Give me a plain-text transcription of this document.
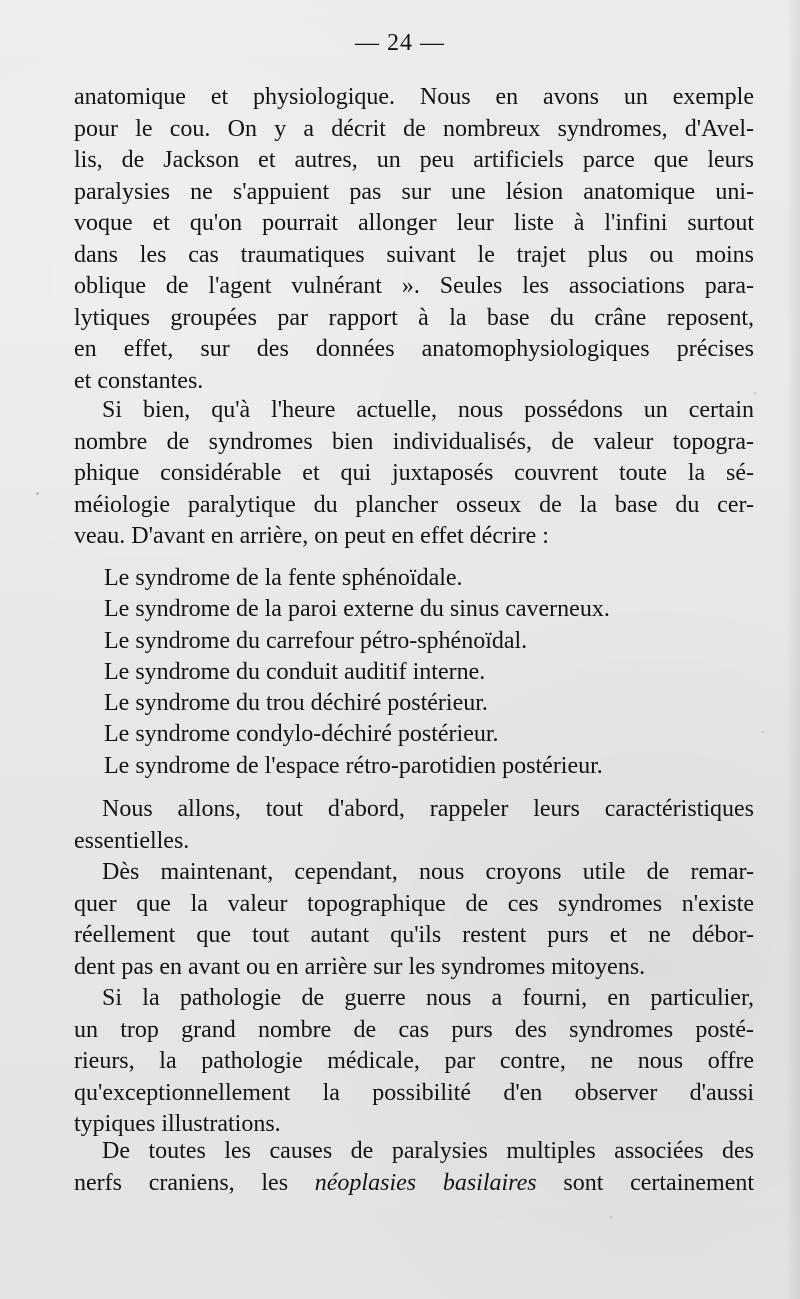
— 24 —

anatomique et physiologique. Nous en avons un exemple
pour le cou. On y a décrit de nombreux syndromes, d'Avel-
lis, de Jackson et autres, un peu artificiels parce que leurs
paralysies ne s'appuient pas sur une lésion anatomique uni-
voque et qu'on pourrait allonger leur liste à l'infini surtout
dans les cas traumatiques suivant le trajet plus ou moins
oblique de l'agent vulnérant ». Seules les associations para-
lytiques groupées par rapport à la base du crâne reposent,
en effet, sur des données anatomophysiologiques précises
et constantes.
Si bien, qu'à l'heure actuelle, nous possédons un certain
nombre de syndromes bien individualisés, de valeur topogra-
phique considérable et qui juxtaposés couvrent toute la sé-
méiologie paralytique du plancher osseux de la base du cer-
veau. D'avant en arrière, on peut en effet décrire :
Le syndrome de la fente sphénoïdale.
Le syndrome de la paroi externe du sinus caverneux.
Le syndrome du carrefour pétro-sphénoïdal.
Le syndrome du conduit auditif interne.
Le syndrome du trou déchiré postérieur.
Le syndrome condylo-déchiré postérieur.
Le syndrome de l'espace rétro-parotidien postérieur.
Nous allons, tout d'abord, rappeler leurs caractéristiques
essentielles.
Dès maintenant, cependant, nous croyons utile de remar-
quer que la valeur topographique de ces syndromes n'existe
réellement que tout autant qu'ils restent purs et ne débor-
dent pas en avant ou en arrière sur les syndromes mitoyens.
Si la pathologie de guerre nous a fourni, en particulier,
un trop grand nombre de cas purs des syndromes posté-
rieurs, la pathologie médicale, par contre, ne nous offre
qu'exceptionnellement la possibilité d'en observer d'aussi
typiques illustrations.
De toutes les causes de paralysies multiples associées des
nerfs craniens, les néoplasies basilaires sont certainement
